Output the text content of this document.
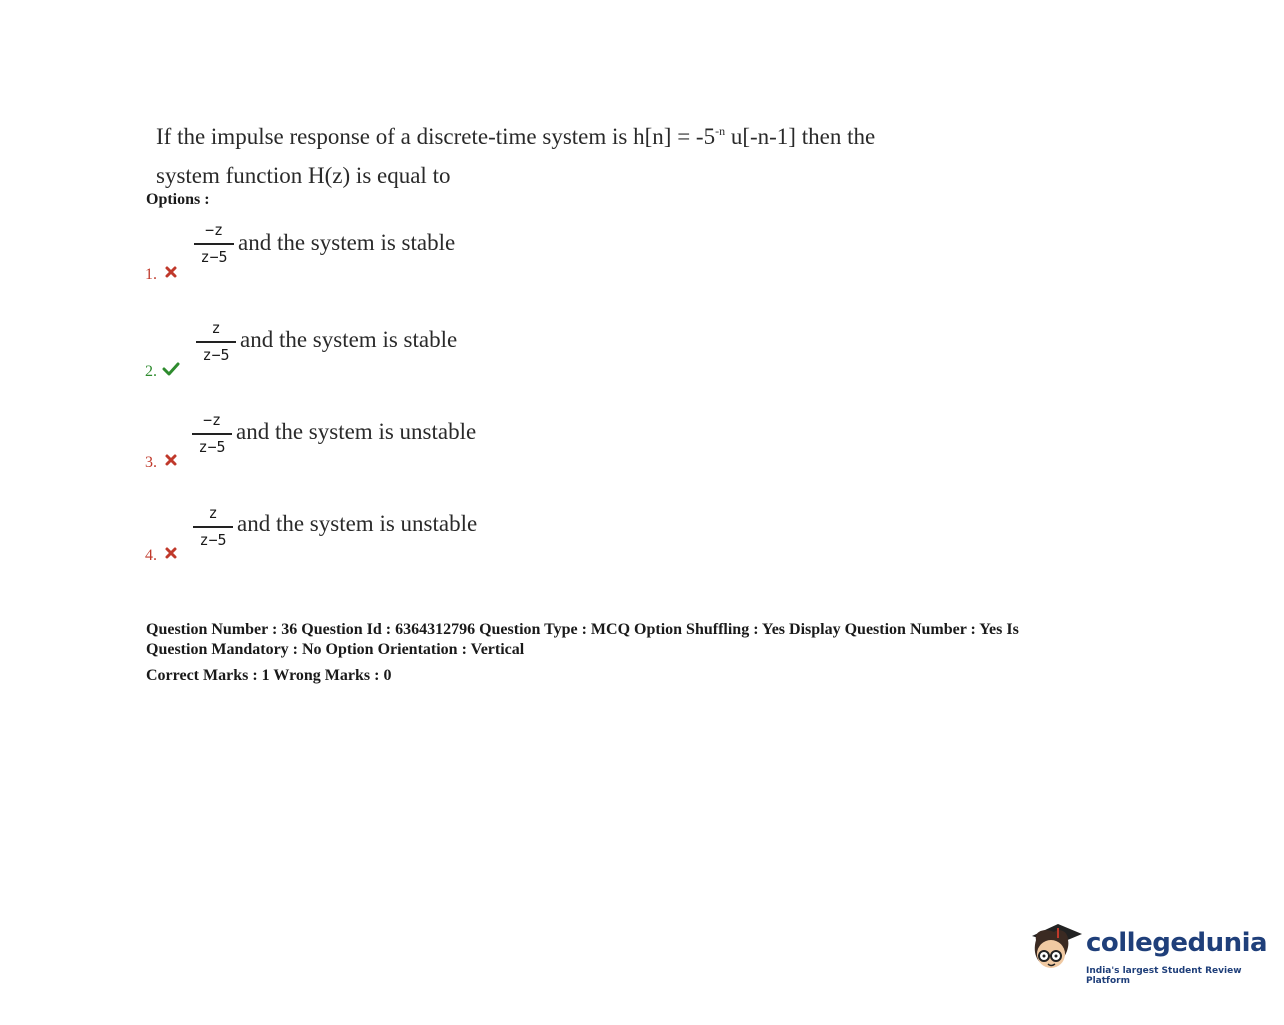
If the impulse response of a discrete-time system is $h[n] = -5^{-n}$ u[-n-1] then the
system function H(z) is equal to
Options :
−z
z−5
and the system is stable
1.
z
z−5
and the system is stable
2.
−z
z−5
and the system is unstable
3.
z
z−5
and the system is unstable
4.
Question Number : 36 Question Id : 6364312796 Question Type : MCQ Option Shuffling : Yes Display Question Number : Yes Is
Question Mandatory : No Option Orientation : Vertical
Correct Marks : 1 Wrong Marks : 0
collegedunia
India's largest Student Review Platform
